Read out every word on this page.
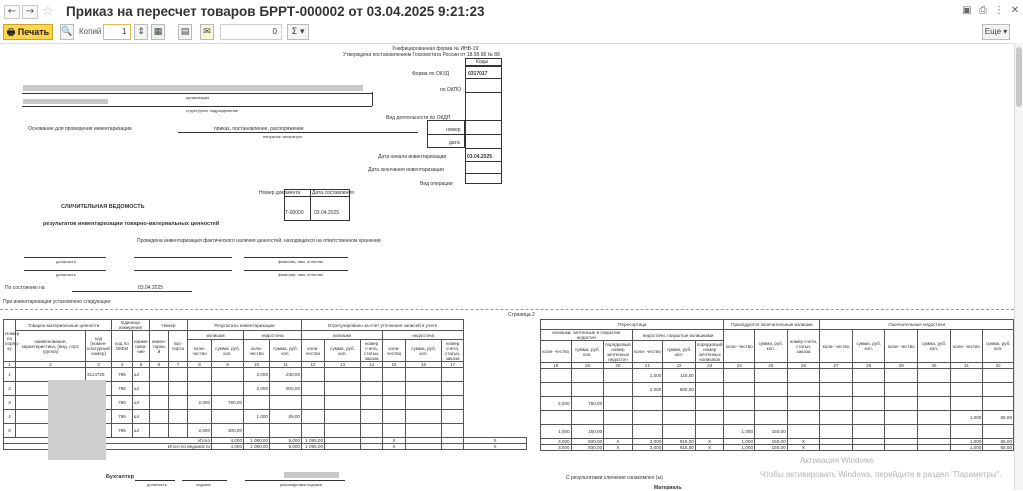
← → ☆ Приказ на пересчет товаров БРРТ-000002 от 03.04.2025 9:21:23	▣ ⎙ ⋮ ✕
🖶 Печать	🔍 Копий	1	⇕ ▦	▤	✉	0	Σ ▾	Еще ▾
Унифицированная форма № ИНВ-19
Утверждена постановлением Госкомстата России от 18.08.98 № 88
Коды
Форма по ОКУД	0317017
по ОКПО
организация
структурное подразделение
Вид деятельности по ОКДП
Основание для проведения инвентаризации	приказ, постановление, распоряжение
ненужное зачеркнуть
номер
дата
Дата начала инвентаризации	03.04.2025
Дата окончания инвентаризации
Вид операции
Номер документа Дата составления
Т-00000 03.04.2025
СЛИЧИТЕЛЬНАЯ ВЕДОМОСТЬ
результатов инвентаризации товарно-материальных ценностей
Проведена инвентаризация фактического наличия ценностей, находящихся на ответственном хранении
должность	фамилия, имя, отчество
должность	фамилия, имя, отчество
По состоянию на	03.04.2025
При инвентаризации установлено следующее:
Страница 2
Номер по поряд- ку	Товарно-материальные ценности		Единица измерения		Номер		Результаты инвентаризации				Отрегулировано за счет уточнения записей в учете						
	наименование, характеристика, (вид, сорт, группа)	код (номен- клатурный номер)	код по ОКЕИ	наиме- нова- ние	инвен- тарны й	пас- порта	излишки		недостача		излишки			недостача			
							коли- чество	сумма, руб. коп.	коли- чество	сумма, руб. коп.	коли- чество	сумма, руб. коп.	номер счета, статьи, заказа	коли- чество	сумма, руб. коп.	номер счета, статьи, заказа	
1	2	3	4	5	6	7	8	9	10	11	12	13	14	15	16	17	
1		3114725	796	шт					2,000	230,00							
2			796	шт					2,000	800,00							
3			796	шт			2,000	780,00									
4			796	шт					1,000	65,00							
5			796	шт			2,000	300,00									
Итого								4,000	1 080,00	5,000	1 095,00			Х			Х
Итого по ведомости								4,000	1 080,00	5,000	1 095,00			Х			Х
Пересортица						Приходуются окончательные излишки			Окончательные недостачи					
излишки, зачтенные в покрытие недостач			недостачи, покрытые излишками			коли- чество	сумма, руб. коп.	номер счета, статьи, заказа	коли- чество	сумма, руб. коп.	коли- чество	сумма, руб. коп.	коли- чество	сумма, руб. коп.
коли- чество	сумма, руб. коп.	порядковый номер зачтенных недостач	коли- чество	сумма, руб. коп.	порядковый номер зачтенных излишков									
18	19	20	21	22	23	24	25	26	27	28	29	30	31	32
			1,000	115,00										
			2,000	800,00										
2,000	780,00													
													1,000	65,00
1,000	150,00					1,000	150,00							
3,000	930,00	Х	3,000	915,00	Х	1,000	150,00	Х					1,000	65,00
3,000	930,00	Х	3,000	915,00	Х	1,000	150,00	Х					1,000	65,00
Бухгалтер
должность	подпись	расшифровка подписи
С результатами сличения ознакомлен (ы)
Материаль
Активация Windows
Чтобы активировать Windows, перейдите в раздел "Параметры".
